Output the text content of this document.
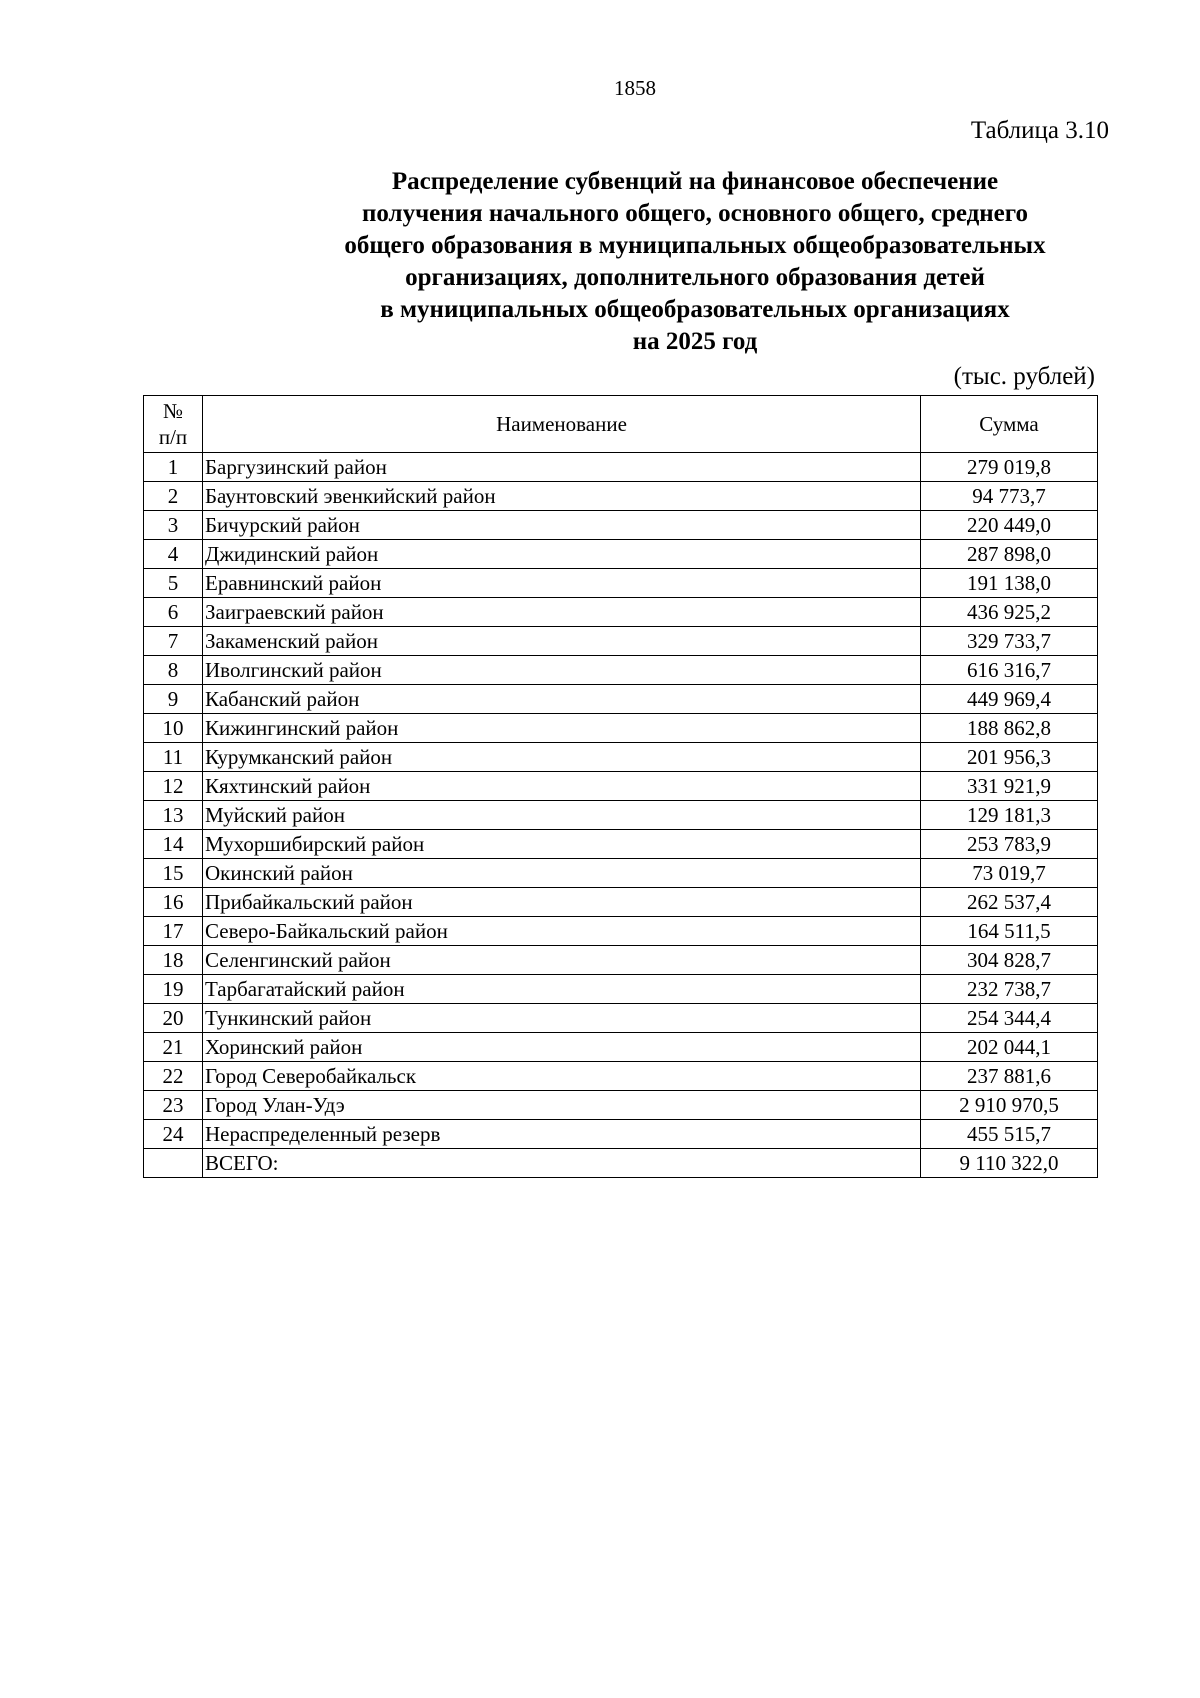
1858
Таблица 3.10
Распределение субвенций на финансовое обеспечение
получения начального общего, основного общего, среднего
общего образования в муниципальных общеобразовательных
организациях, дополнительного образования детей
в муниципальных общеобразовательных организациях
на 2025 год
(тыс. рублей)
№
п/п	Наименование	Сумма
1	Баргузинский район	279 019,8
2	Баунтовский эвенкийский район	94 773,7
3	Бичурский район	220 449,0
4	Джидинский район	287 898,0
5	Еравнинский район	191 138,0
6	Заиграевский район	436 925,2
7	Закаменский район	329 733,7
8	Иволгинский район	616 316,7
9	Кабанский район	449 969,4
10	Кижингинский район	188 862,8
11	Курумканский район	201 956,3
12	Кяхтинский район	331 921,9
13	Муйский район	129 181,3
14	Мухоршибирский район	253 783,9
15	Окинский район	73 019,7
16	Прибайкальский район	262 537,4
17	Северо-Байкальский район	164 511,5
18	Селенгинский район	304 828,7
19	Тарбагатайский район	232 738,7
20	Тункинский район	254 344,4
21	Хоринский район	202 044,1
22	Город Северобайкальск	237 881,6
23	Город Улан-Удэ	2 910 970,5
24	Нераспределенный резерв	455 515,7
	ВСЕГО:	9 110 322,0
